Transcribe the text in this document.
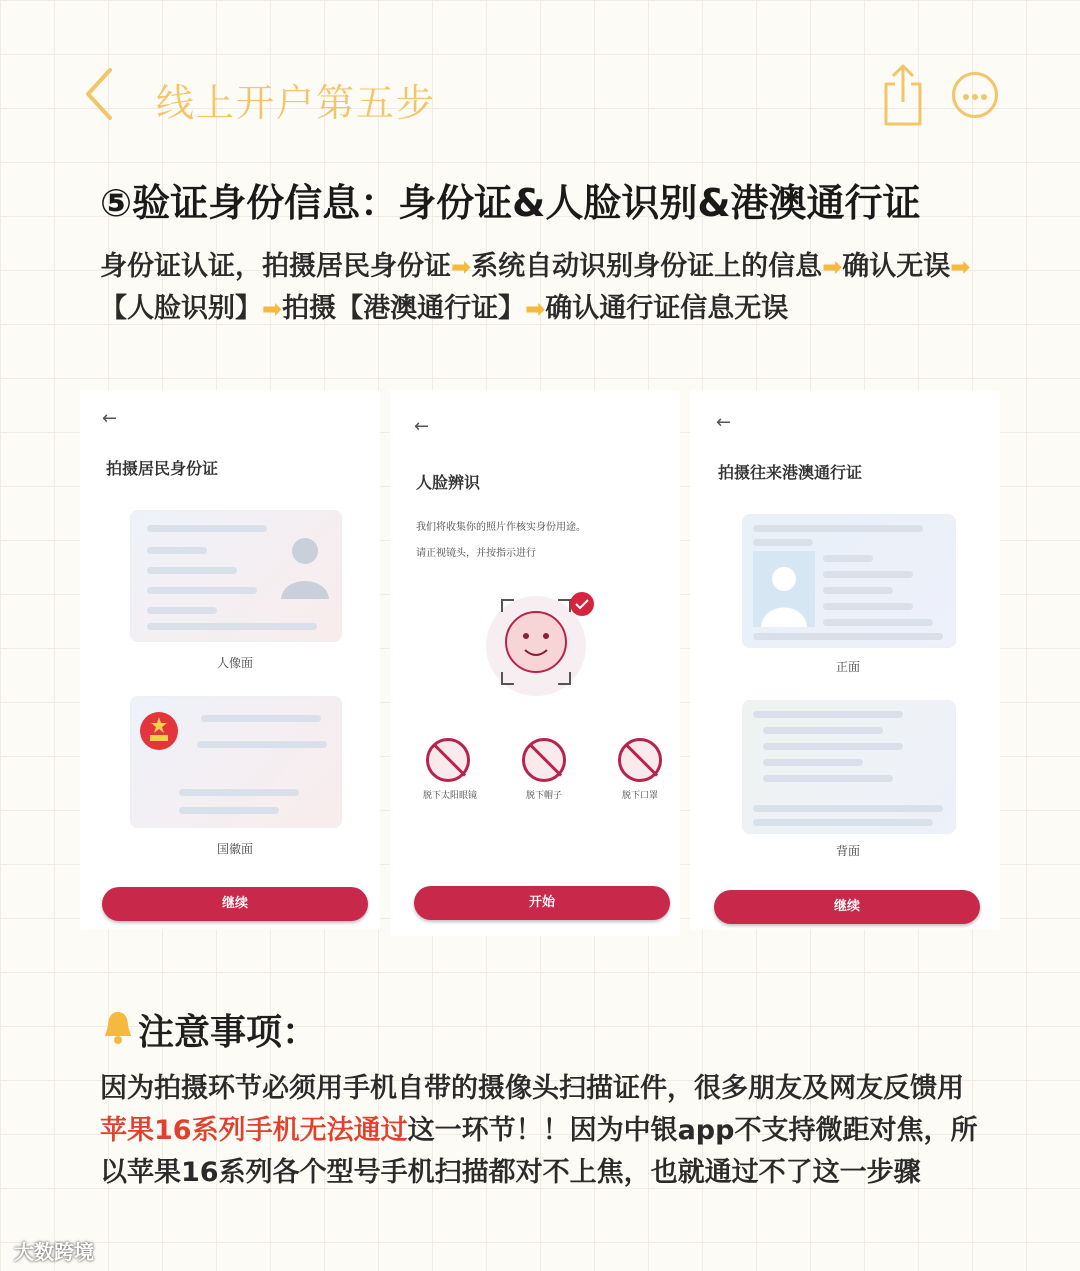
线上开户第五步
⑤验证身份信息：身份证&人脸识别&港澳通行证
身份证认证，拍摄居民身份证➡系统自动识别身份证上的信息➡确认无误➡【人脸识别】➡拍摄【港澳通行证】➡确认通行证信息无误
←
拍摄居民身份证
人像面
国徽面
继续
←
人脸辨识
我们将收集你的照片作核实身份用途。
请正视镜头，并按指示进行
脱下太阳眼镜	脱下帽子	脱下口罩
开始
←
拍摄往来港澳通行证
正面
背面
继续
注意事项：
因为拍摄环节必须用手机自带的摄像头扫描证件，很多朋友及网友反馈用苹果16系列手机无法通过这一环节！！因为中银app不支持微距对焦，所以苹果16系列各个型号手机扫描都对不上焦，也就通过不了这一步骤
大数跨境
